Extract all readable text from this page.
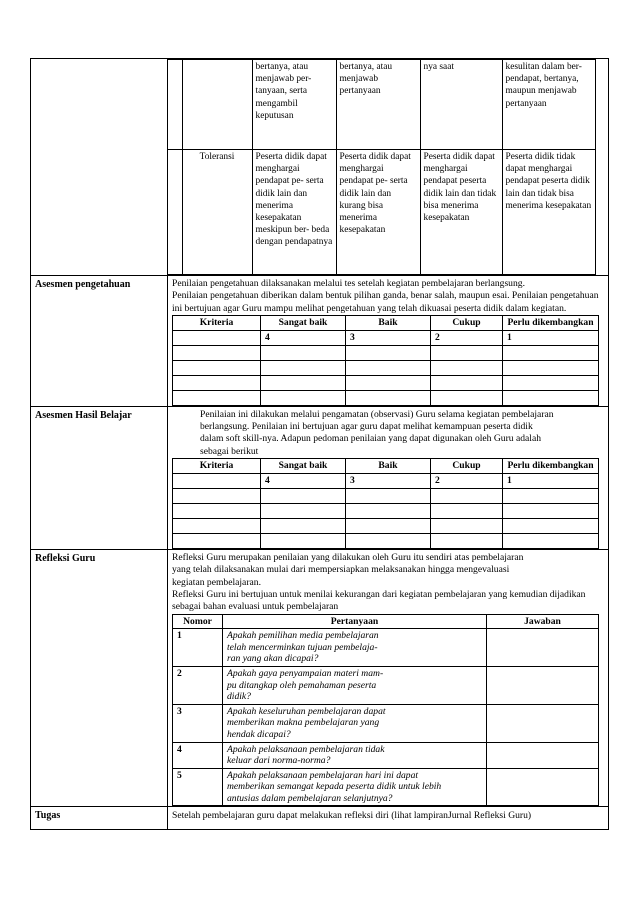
		bertanya, atau menjawab per- tanyaan, serta mengambil keputusan	bertanya, atau menjawab pertanyaan	nya saat	kesulitan dalam ber- pendapat, bertanya, maupun menjawab pertanyaan
	Toleransi	Peserta didik dapat menghargai pendapat pe- serta didik lain dan menerima kesepakatan meskipun ber- beda dengan pendapatnya	Peserta didik dapat menghargai pendapat pe- serta didik lain dan kurang bisa menerima kesepakatan	Peserta didik dapat menghargai pendapat peserta didik lain dan tidak bisa menerima kesepakatan	Peserta didik tidak dapat menghargai pendapat peserta didik lain dan tidak bisa menerima kesepakatan

Asesmen pengetahuan	Penilaian pengetahuan dilaksanakan melalui tes setelah kegiatan pembelajaran berlangsung.
Penilaian pengetahuan diberikan dalam bentuk pilihan ganda, benar salah, maupun esai. Penilaian pengetahuan ini bertujuan agar Guru mampu melihat pengetahuan yang telah dikuasai peserta didik dalam kegiatan.
Kriteria	Sangat baik	Baik	Cukup	Perlu dikembangkan
	4	3	2	1

Asesmen Hasil Belajar	Penilaian ini dilakukan melalui pengamatan (observasi) Guru selama kegiatan pembelajaran berlangsung. Penilaian ini bertujuan agar guru dapat melihat kemampuan peserta didik dalam soft skill-nya. Adapun pedoman penilaian yang dapat digunakan oleh Guru adalah sebagai berikut
Kriteria	Sangat baik	Baik	Cukup	Perlu dikembangkan
	4	3	2	1

Refleksi Guru	Refleksi Guru merupakan penilaian yang dilakukan oleh Guru itu sendiri atas pembelajaran yang telah dilaksanakan mulai dari mempersiapkan melaksanakan hingga mengevaluasi kegiatan pembelajaran.
Refleksi Guru ini bertujuan untuk menilai kekurangan dari kegiatan pembelajaran yang kemudian dijadikan sebagai bahan evaluasi untuk pembelajaran
Nomor	Pertanyaan	Jawaban
1	Apakah pemilihan media pembelajaran telah mencerminkan tujuan pembelaja- ran yang akan dicapai?	
2	Apakah gaya penyampaian materi mam- pu ditangkap oleh pemahaman peserta didik?	
3	Apakah keseluruhan pembelajaran dapat memberikan makna pembelajaran yang hendak dicapai?	
4	Apakah pelaksanaan pembelajaran tidak keluar dari norma-norma?	
5	Apakah pelaksanaan pembelajaran hari ini dapat memberikan semangat kepada peserta didik untuk lebih antusias dalam pembelajaran selanjutnya?	

Tugas	Setelah pembelajaran guru dapat melakukan refleksi diri (lihat lampiranJurnal Refleksi Guru)
